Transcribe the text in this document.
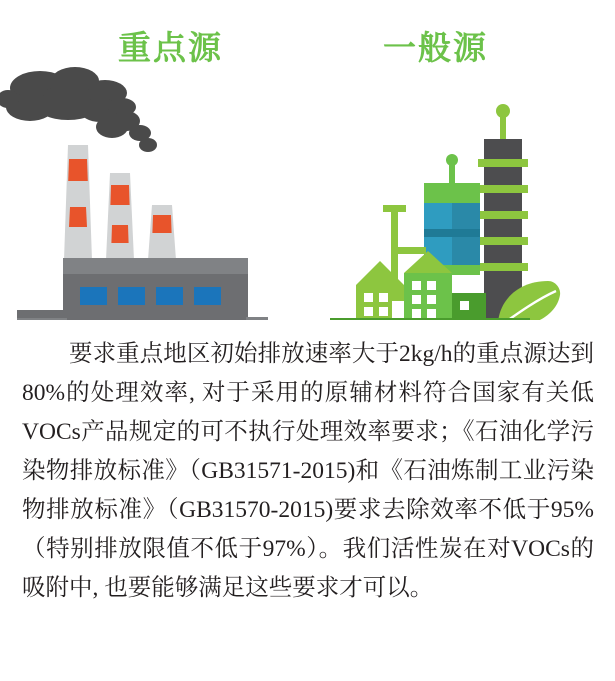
重点源	一般源
要求重点地区初始排放速率大于2kg/h的重点源达到80%的处理效率, 对于采用的原辅材料符合国家有关低VOCs产品规定的可不执行处理效率要求；《石油化学污染物排放标准》（GB31571-2015)和《石油炼制工业污染物排放标准》（GB31570-2015)要求去除效率不低于95%（特别排放限值不低于97%）。我们活性炭在对VOCs的吸附中, 也要能够满足这些要求才可以。
